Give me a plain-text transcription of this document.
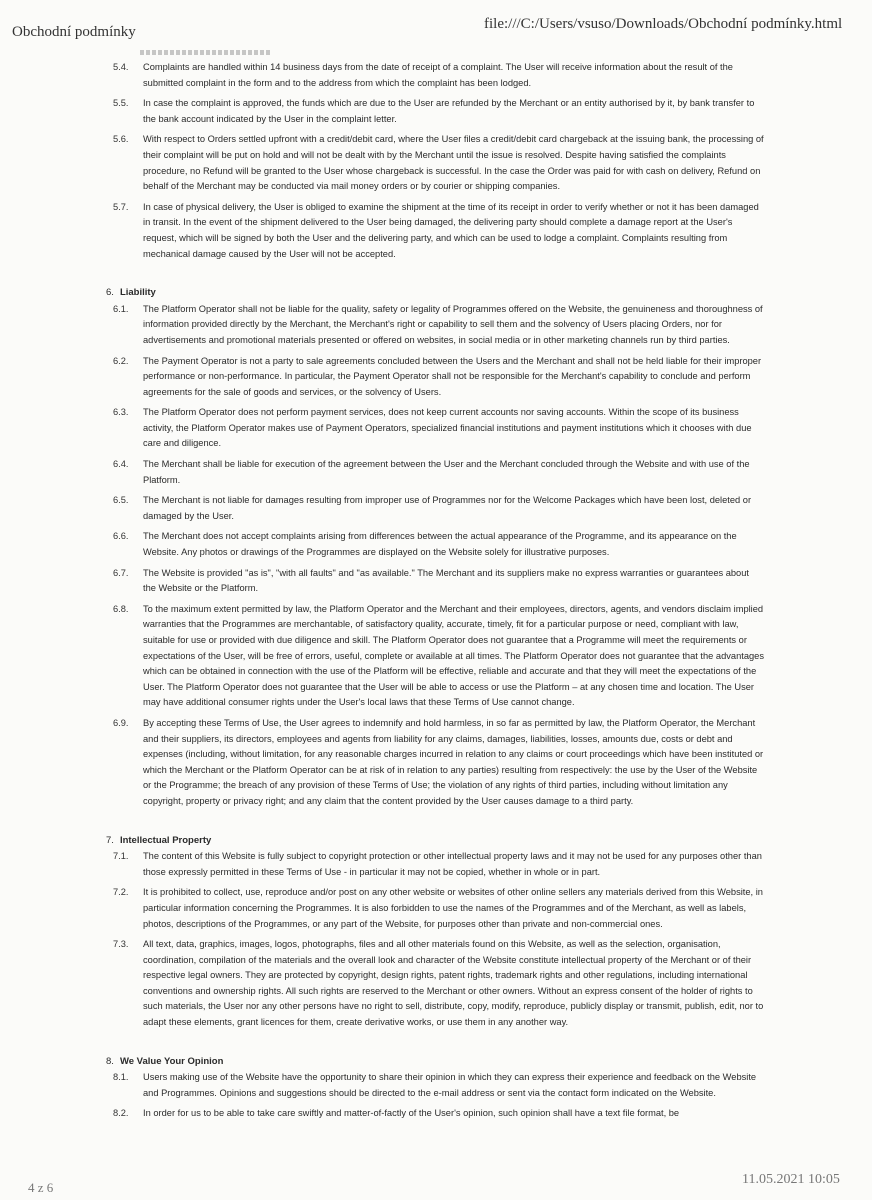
Obchodní podmínky	file:///C:/Users/vsuso/Downloads/Obchodní podmínky.html
5.4.	Complaints are handled within 14 business days from the date of receipt of a complaint. The User will receive information about the result of the submitted complaint in the form and to the address from which the complaint has been lodged.
5.5.	In case the complaint is approved, the funds which are due to the User are refunded by the Merchant or an entity authorised by it, by bank transfer to the bank account indicated by the User in the complaint letter.
5.6.	With respect to Orders settled upfront with a credit/debit card, where the User files a credit/debit card chargeback at the issuing bank, the processing of their complaint will be put on hold and will not be dealt with by the Merchant until the issue is resolved. Despite having satisfied the complaints procedure, no Refund will be granted to the User whose chargeback is successful. In the case the Order was paid for with cash on delivery, Refund on behalf of the Merchant may be conducted via mail money orders or by courier or shipping companies.
5.7.	In case of physical delivery, the User is obliged to examine the shipment at the time of its receipt in order to verify whether or not it has been damaged in transit. In the event of the shipment delivered to the User being damaged, the delivering party should complete a damage report at the User's request, which will be signed by both the User and the delivering party, and which can be used to lodge a complaint. Complaints resulting from mechanical damage caused by the User will not be accepted.
6. Liability
6.1.	The Platform Operator shall not be liable for the quality, safety or legality of Programmes offered on the Website, the genuineness and thoroughness of information provided directly by the Merchant, the Merchant's right or capability to sell them and the solvency of Users placing Orders, nor for advertisements and promotional materials presented or offered on websites, in social media or in other marketing channels run by third parties.
6.2.	The Payment Operator is not a party to sale agreements concluded between the Users and the Merchant and shall not be held liable for their improper performance or non-performance. In particular, the Payment Operator shall not be responsible for the Merchant's capability to conclude and perform agreements for the sale of goods and services, or the solvency of Users.
6.3.	The Platform Operator does not perform payment services, does not keep current accounts nor saving accounts. Within the scope of its business activity, the Platform Operator makes use of Payment Operators, specialized financial institutions and payment institutions which it chooses with due care and diligence.
6.4.	The Merchant shall be liable for execution of the agreement between the User and the Merchant concluded through the Website and with use of the Platform.
6.5.	The Merchant is not liable for damages resulting from improper use of Programmes nor for the Welcome Packages which have been lost, deleted or damaged by the User.
6.6.	The Merchant does not accept complaints arising from differences between the actual appearance of the Programme, and its appearance on the Website. Any photos or drawings of the Programmes are displayed on the Website solely for illustrative purposes.
6.7.	The Website is provided "as is", "with all faults" and "as available." The Merchant and its suppliers make no express warranties or guarantees about the Website or the Platform.
6.8.	To the maximum extent permitted by law, the Platform Operator and the Merchant and their employees, directors, agents, and vendors disclaim implied warranties that the Programmes are merchantable, of satisfactory quality, accurate, timely, fit for a particular purpose or need, compliant with law, suitable for use or provided with due diligence and skill. The Platform Operator does not guarantee that a Programme will meet the requirements or expectations of the User, will be free of errors, useful, complete or available at all times. The Platform Operator does not guarantee that the advantages which can be obtained in connection with the use of the Platform will be effective, reliable and accurate and that they will meet the expectations of the User. The Platform Operator does not guarantee that the User will be able to access or use the Platform – at any chosen time and location. The User may have additional consumer rights under the User's local laws that these Terms of Use cannot change.
6.9.	By accepting these Terms of Use, the User agrees to indemnify and hold harmless, in so far as permitted by law, the Platform Operator, the Merchant and their suppliers, its directors, employees and agents from liability for any claims, damages, liabilities, losses, amounts due, costs or debt and expenses (including, without limitation, for any reasonable charges incurred in relation to any claims or court proceedings which have been instituted or which the Merchant or the Platform Operator can be at risk of in relation to any parties) resulting from respectively: the use by the User of the Website or the Programme; the breach of any provision of these Terms of Use; the violation of any rights of third parties, including without limitation any copyright, property or privacy right; and any claim that the content provided by the User causes damage to a third party.
7. Intellectual Property
7.1.	The content of this Website is fully subject to copyright protection or other intellectual property laws and it may not be used for any purposes other than those expressly permitted in these Terms of Use - in particular it may not be copied, whether in whole or in part.
7.2.	It is prohibited to collect, use, reproduce and/or post on any other website or websites of other online sellers any materials derived from this Website, in particular information concerning the Programmes. It is also forbidden to use the names of the Programmes and of the Merchant, as well as labels, photos, descriptions of the Programmes, or any part of the Website, for purposes other than private and non-commercial ones.
7.3.	All text, data, graphics, images, logos, photographs, files and all other materials found on this Website, as well as the selection, organisation, coordination, compilation of the materials and the overall look and character of the Website constitute intellectual property of the Merchant or of their respective legal owners. They are protected by copyright, design rights, patent rights, trademark rights and other regulations, including international conventions and ownership rights. All such rights are reserved to the Merchant or other owners. Without an express consent of the holder of rights to such materials, the User nor any other persons have no right to sell, distribute, copy, modify, reproduce, publicly display or transmit, publish, edit, nor to adapt these elements, grant licences for them, create derivative works, or use them in any another way.
8. We Value Your Opinion
8.1.	Users making use of the Website have the opportunity to share their opinion in which they can express their experience and feedback on the Website and Programmes. Opinions and suggestions should be directed to the e-mail address or sent via the contact form indicated on the Website.
8.2.	In order for us to be able to take care swiftly and matter-of-factly of the User's opinion, such opinion shall have a text file format, be
4 z 6
11.05.2021 10:05
